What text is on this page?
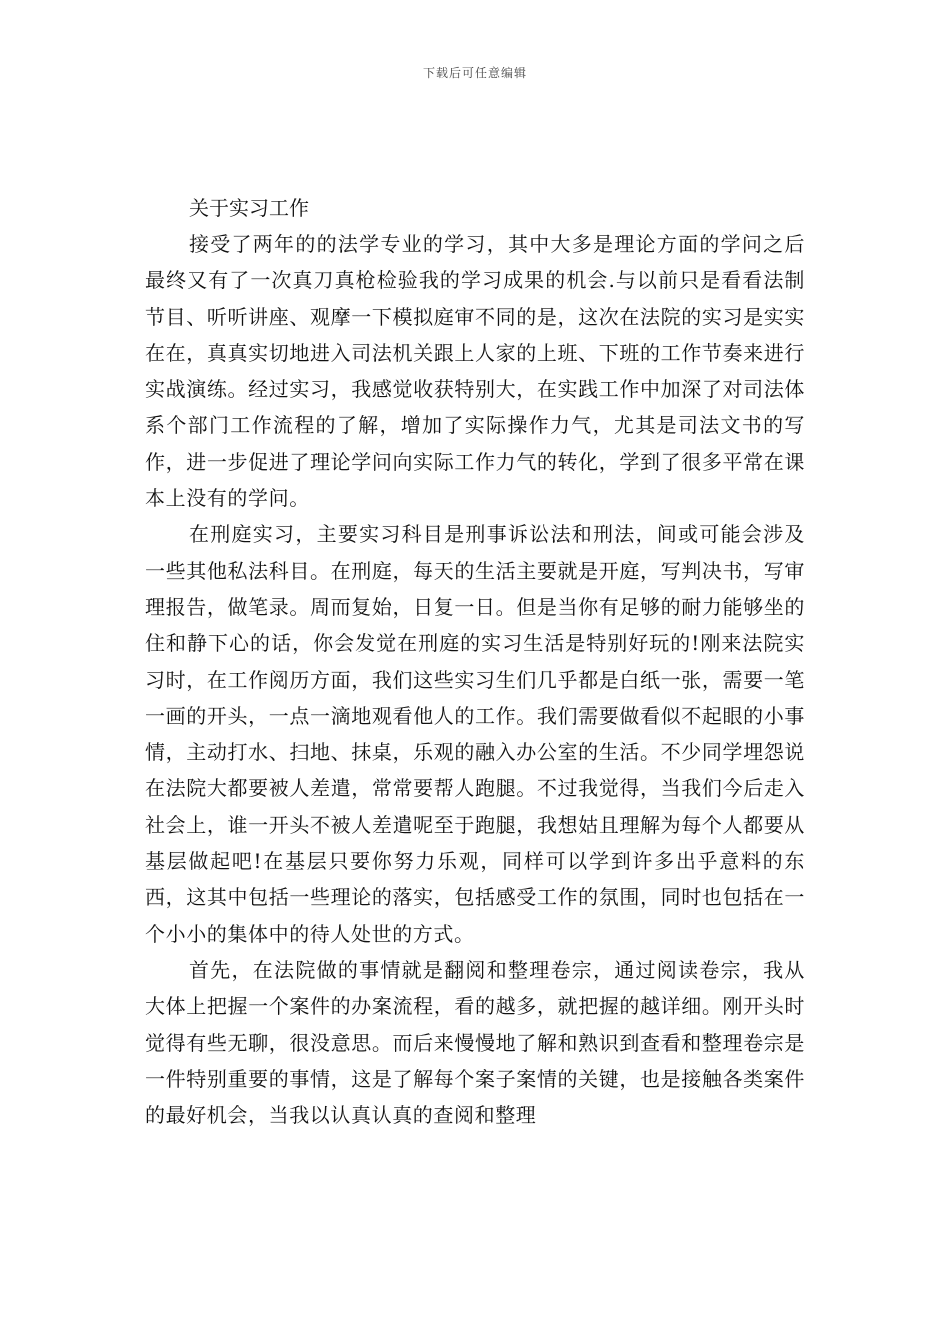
下载后可任意编辑
关于实习工作

接受了两年的的法学专业的学习，其中大多是理论方面的学问之后最终又有了一次真刀真枪检验我的学习成果的机会.与以前只是看看法制节目、听听讲座、观摩一下模拟庭审不同的是，这次在法院的实习是实实在在，真真实切地进入司法机关跟上人家的上班、下班的工作节奏来进行实战演练。经过实习，我感觉收获特别大，在实践工作中加深了对司法体系个部门工作流程的了解，增加了实际操作力气，尤其是司法文书的写作，进一步促进了理论学问向实际工作力气的转化，学到了很多平常在课本上没有的学问。

在刑庭实习，主要实习科目是刑事诉讼法和刑法，间或可能会涉及一些其他私法科目。在刑庭，每天的生活主要就是开庭，写判决书，写审理报告，做笔录。周而复始，日复一日。但是当你有足够的耐力能够坐的住和静下心的话，你会发觉在刑庭的实习生活是特别好玩的!刚来法院实习时，在工作阅历方面，我们这些实习生们几乎都是白纸一张，需要一笔一画的开头，一点一滴地观看他人的工作。我们需要做看似不起眼的小事情，主动打水、扫地、抹桌，乐观的融入办公室的生活。不少同学埋怨说在法院大都要被人差遣，常常要帮人跑腿。不过我觉得，当我们今后走入社会上，谁一开头不被人差遣呢至于跑腿，我想姑且理解为每个人都要从基层做起吧!在基层只要你努力乐观，同样可以学到许多出乎意料的东西，这其中包括一些理论的落实，包括感受工作的氛围，同时也包括在一个小小的集体中的待人处世的方式。

首先，在法院做的事情就是翻阅和整理卷宗，通过阅读卷宗，我从大体上把握一个案件的办案流程，看的越多，就把握的越详细。刚开头时觉得有些无聊，很没意思。而后来慢慢地了解和熟识到查看和整理卷宗是一件特别重要的事情，这是了解每个案子案情的关键，也是接触各类案件的最好机会，当我以认真认真的查阅和整理
